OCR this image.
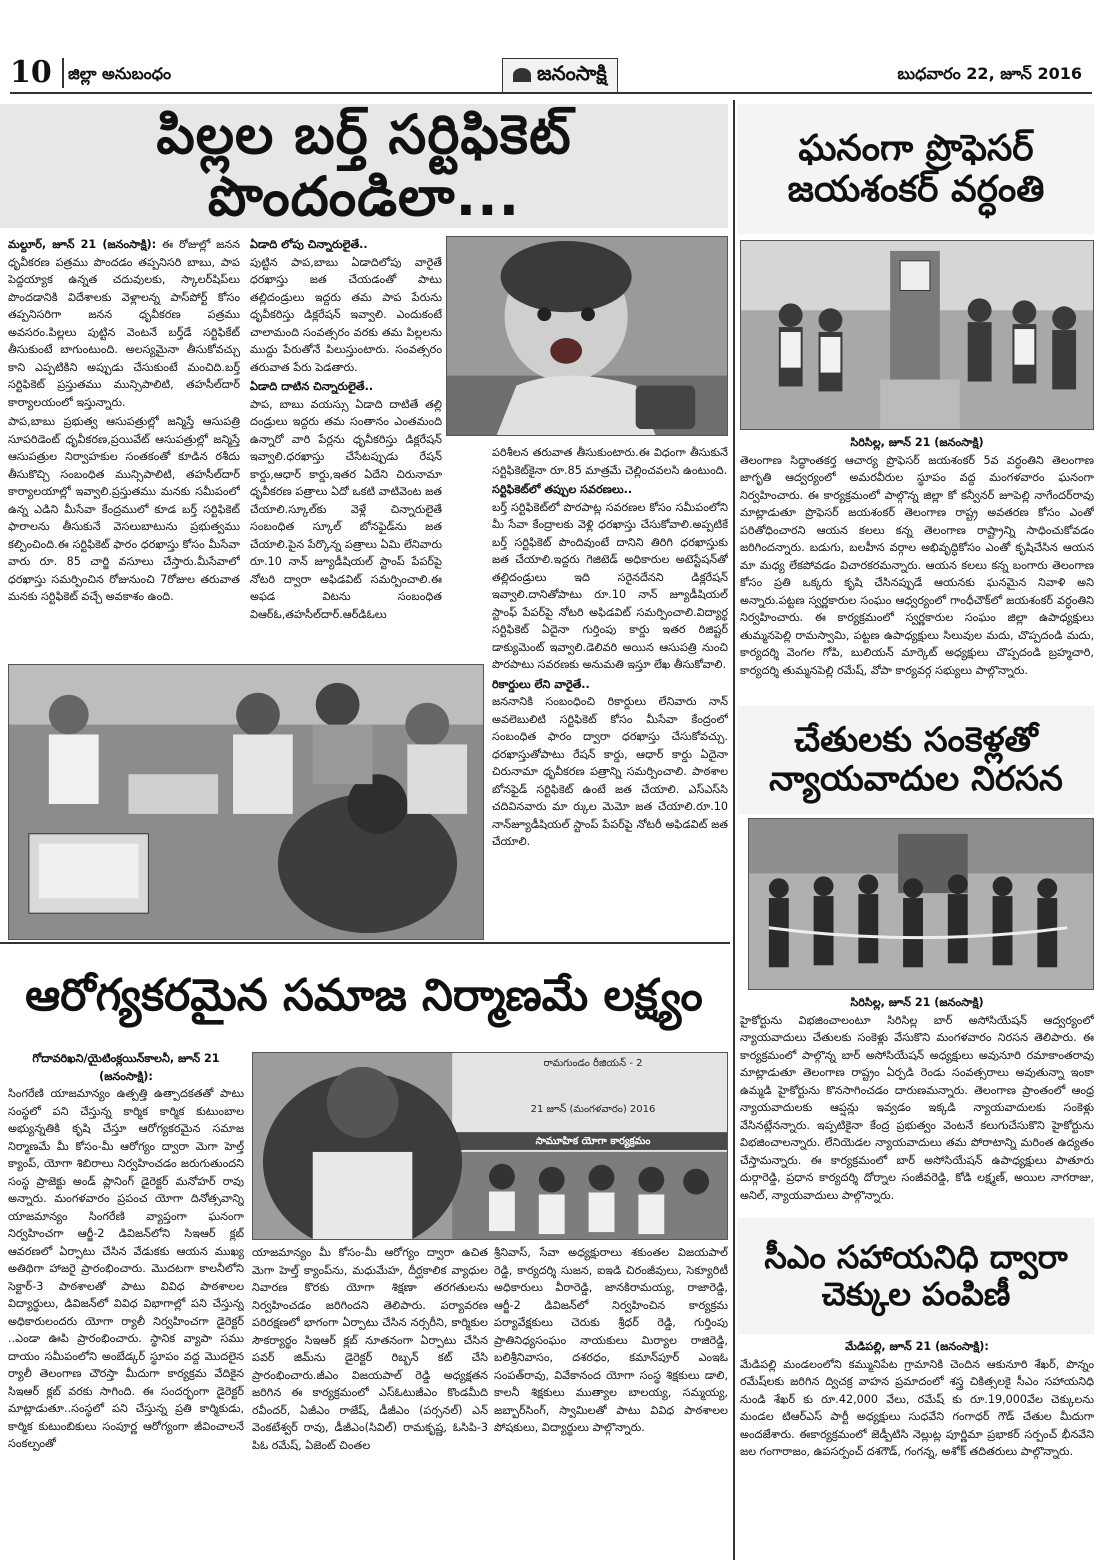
10	జిల్లా అనుబంధం	జనంసాక్షి	బుధవారం 22, జూన్ 2016
పిల్లల బర్త్ సర్టిఫికెట్ పొందండిలా...

మల్దూర్, జూన్ 21 (జనంసాక్షి): ఈ రోజుల్లో జనన ధృవీకరణ పత్రము పొందడం తప్పనిసరి బాబు, పాప పెద్దయ్యాక ఉన్నత చదువులకు, స్కాలర్‌షిప్‌లు పొందడానికి విదేశాలకు వెళ్లాలన్న పాస్‌పోర్ట్ కోసం తప్పనిసరిగా జనన ధృవీకరణ పత్రము అవసరం.పిల్లలు పుట్టిన వెంటనే బర్త్‌డే సర్టిఫికేట్ తీసుకుంటే బాగుంటుంది. అలస్యమైనా తీసుకోవచ్చు కాని ఎప్పటికిని అప్పుడు చేసుకుంటే మంచిది.బర్త్ సర్టిఫికెట్ ప్రస్తుతము మున్సిపాలిటి, తహసీల్‌దార్ కార్యాలయంలో ఇస్తున్నారు.

పాప,బాబు ప్రభుత్వ ఆసుపత్రుల్లో జన్మిస్తే ఆసుపత్రి సూపరిడెంట్ ధృవీకరణ,ప్రయివేట్ ఆసుపత్రుల్లో జన్మిస్తే ఆసుపత్రుల నిర్వాహకుల సంతకంతో కూడిన రశీదు తీసుకొచ్చి సంబంధిత మున్సిపాలిటి, తహసీల్‌దార్ కార్యాలయాల్లో ఇవ్వాలి.ప్రస్తుతము మనకు సమీపంలో ఉన్న ఎడిని మీసేవా కేంద్రములో కూడ బర్త్ సర్టిఫికెట్ ఫారాలను తీసుకునే వెసలుబాటును ప్రభుత్వము కల్పించింది.ఈ సర్టిఫికెట్ ఫారం ధరఖాస్తు కోసం మీసేవా వారు రూ. 85 చార్జి వసూలు చేస్తారు.మీసేవాలో ధరఖాస్తు సమర్పించిన రోజునుంచి 7రోజుల తరువాత మనకు సర్టిఫికెట్ వచ్చే అవకాశం ఉంది.

ఏడాది లోపు చిన్నారులైతే..
పుట్టిన పాప,బాబు ఏడాదిలోపు వారైతే ధరఖాస్తు జత చేయడంతో పాటు తల్లిదండ్రులు ఇద్దరు తమ పాప పేరును ధృవీకరిస్తు డిక్లరేషన్ ఇవ్వాలి. ఎందుకంటే చాలామంది సంవత్సరం వరకు తమ పిల్లలను ముద్దు పేరుతోనే పిలుస్తుంటారు. సంవత్సరం తరువాత పేరు పెడతారు.

ఏడాది దాటిన చిన్నారులైతే..
పాప, బాబు వయస్సు ఏడాది దాటితే తల్లి దండ్రులు ఇద్దరు తమ సంతానం ఎంతమంది ఉన్నారో వారి పేర్లను ధృవీకరిస్తు డిక్లరేషన్ ఇవ్వాలి.ధరఖాస్తు చేసేటప్పుడు రేషన్ కార్డు,ఆధార్ కార్డు,ఇతర ఏదేని చిరునామా ధృవీకరణ పత్రాలు ఏదో ఒకటి వాటివెంట జత చేయాలి.స్కూల్‌కు వెళ్లే చిన్నారులైతే సంబంధిత స్కూల్ బోనఫైడ్‌ను జత చేయాలి.పైన పేర్కొన్న పత్రాలు ఏమి లేనివారు రూ.10 నాన్ జ్యూడీషియల్ స్టాంప్ పేపర్‌పై నోటరి ద్వారా అఫిడవిట్ సమర్పించాలి.ఈ అఫడ విటను సంబంధిత విఆర్ఓ,తహసీల్‌దార్.ఆర్‌డిఓలు

పరిశీలన తరువాత తీసుకుంటారు.ఈ విధంగా తీసుకునే సర్టిఫికెట్‌కైనా రూ.85 మాత్రమే చెల్లించవలసి ఉంటుంది.

సర్టిఫికెట్‌లో తప్పుల సవరణలు..
బర్త్ సర్టిఫికెట్‌లో పొరపాట్ల సవరణల కోసం సమీపంలోని మీ సేవా కేంద్రాలకు వెళ్లి ధరఖాస్తు చేసుకోవాలి.అప్పటికే బర్త్ సర్టిఫికెట్ పొందివుంటే దానిని తిరిగి ధరఖాస్తుకు జత చేయాలి.ఇద్దరు గెజిటెడ్ అధికారుల అటెస్టేషన్‌తో తల్లిదండ్రులు ఇది సరైనదేనని డిక్లరేషన్ ఇవ్వాలి.దానితోపాటు రూ.10 నాన్ జ్యూడీషియల్ స్టాంఫ్ పేపర్‌పై నోటరి అఫిడవిట్ సమర్పించాలి.విద్యార్థ సర్టిఫికెట్ ఏదైనా గుర్తింపు కార్డు ఇతర రిజిష్టర్ డాక్యుమెంట్ ఇవ్వాలి.డెలివరి అయిన ఆసుపత్రి నుంచి పొరపాటు సవరణకు అనుమతి ఇస్తూ లేఖ తీసుకోవాలి.

రికార్డులు లేని వారైతే..
జననానికి సంబంధించి రికార్డులు లేనివారు నాన్ అవలెబులిటి సర్టిఫికెట్ కోసం మీసేవా కేంద్రంలో సంబంధిత ఫారం ద్వారా ధరఖాస్తు చేసుకోవచ్చు. ధరఖాస్తుతోపాటు రేషన్ కార్డు, ఆధార్ కార్డు ఏదైనా చిరునామా ధృవీకరణ పత్రాన్ని సమర్పించాలి. పాఠశాల బోనఫైడ్ సర్టిఫికెట్ ఉంటే జత చేయాలి. ఎస్ఎస్‌సి చదివినవారు మా ర్కుల మెమో జత చేయాలి.రూ.10 నాన్‌జ్యూడీషియల్ స్టాంప్ పేపర్‌పై నోటరీ అఫిడవిట్ జత చేయాలి.

ఘనంగా ప్రొఫెసర్ జయశంకర్ వర్ధంతి

సిరిసిల్ల, జూన్ 21 (జనంసాక్షి)
తెలంగాణ సిద్ధాంతకర్త ఆచార్య ప్రొఫెసర్ జయశంకర్ 5వ వర్ధంతిని తెలంగాణ జాగృతి ఆద్వర్యంలో అమరవీరుల స్థూపం వద్ద మంగళవారం ఘనంగా నిర్వహించారు. ఈ కార్యక్రమంలో పాల్గొన్న జిల్లా కో కన్వీనర్ జూపెల్లి నాగేందర్‌రావు మాట్లాడుతూ ప్రొఫెసర్ జయశంకర్ తెలంగాణ రాష్ట్ర అవతరణ కోసం ఎంతో పరితోధించారని ఆయన కలలు కన్న తెలంగాణ రాష్ట్రాన్ని సాధించుకోవడం జరిగిందన్నారు. బడుగు, బలహీన వర్గాల అభివృద్ధికోసం ఎంతో కృషిచేసిన ఆయన మా మధ్య లేకపోవడం విచారకరమన్నారు. ఆయన కలలు కన్న బంగారు తెలంగాణ కోసం ప్రతి ఒక్కరు కృషి చేసినప్పుడే ఆయనకు ఘనమైన నివాళి అని అన్నారు.పట్టణ స్వర్ణకారుల సంఘం ఆధ్వర్యంలో గాంధీచౌక్‌లో జయశంకర్ వర్ధంతిని నిర్వహించారు. ఈ కార్యక్రమంలో స్వర్ణకారుల సంఘం జిల్లా ఉపాధ్యక్షులు తుమ్మనపెల్లి రామస్వామి, పట్టణ ఉపాధ్యక్షులు సిలువుల మదు, చొప్పదండి మదు, కార్యదర్శి వెంగల గోపి, బులియన్ మార్కెట్ అధ్యక్షులు చొప్పదండి బ్రహ్మచారి, కార్యదర్శి తుమ్మనపెల్లి రమేష్, వోపా కార్యవర్గ సభ్యులు పాల్గొన్నారు.

చేతులకు సంకెళ్లతో న్యాయవాదుల నిరసన

సిరిసిల్ల, జూన్ 21 (జనంసాక్షి)
హైకోర్టును విభజించాలంటూ సిరిసిల్ల బార్ అసోసియేషన్ ఆద్వర్యంలో న్యాయవాదులు చేతులకు సంకెళ్లు వేసుకొని మంగళవారం నిరసన తెలిపారు. ఈ కార్యక్రమంలో పాల్గొన్న బార్ అసోసియేషన్ అధ్యక్షులు అవునూరి రమాకాంతరావు మాట్లాడుతూ తెలంగాణ రాష్ట్రం ఏర్పడి రెండు సంవత్సరాలు అవుతున్నా ఇంకా ఉమ్మడి హైకోర్టును కొనసాగించడం దారుణమన్నారు. తెలంగాణ ప్రాంతంలో ఆంధ్ర న్యాయవాదులకు ఆప్షన్లు ఇవ్వడం ఇక్కడి న్యాయవాదులకు సంకెళ్లు వేసినట్లేనన్నారు. ఇప్పటికైనా కేంద్ర ప్రభుత్వం వెంటనే కలుగుచేసుకొని హైకోర్టును విభజించాలన్నారు. లేనియెడల న్యాయవాదులు తమ పోరాటాన్ని మరింత ఉద్యతం చేస్తామన్నారు. ఈ కార్యక్రమంలో బార్ అసోసియేషన్ ఉపాధ్యక్షులు పాతూరు దుర్గారెడ్డి, ప్రధాన కార్యదర్శి దోర్నాల సంజీవరెడ్డి, కోడి లక్ష్మణ్, అయిల నాగరాజు, అనిల్, న్యాయవాదులు పాల్గొన్నారు.

సీఎం సహాయనిధి ద్వారా చెక్కుల పంపిణీ

మేడిపల్లి, జూన్ 21 (జనంసాక్షి):
మేడిపల్లి మండలంలోని కమ్మునిపేట గ్రామానికి చెందిన ఆకునూరి శేఖర్, పొన్నం రమేష్‌లకు జరిగిన ద్విచక్ర వాహన ప్రమాదంలో శస్త్ర చికిత్సలకై సీఎం సహాయనిధి నుండి శేఖర్ కు రూ.42,000 వేలు, రమేష్ కు రూ.19,000వేల చెక్కులను మండల టిఆర్‌ఎస్ పార్టీ అధ్యక్షులు సుధవేని గంగాధర్ గౌడ్ చేతుల మీదుగా అందజేశారు. ఈకార్యక్రమంలో జెడ్పీటిసి నెల్లుట్ల పూర్ణిమా ప్రభాకర్ సర్పంచ్ భీనవేని జల గంగారాజం, ఉపసర్పంచ్ దశగౌడ్, గంగన్న, అశోక్ తదితరులు పాల్గొన్నారు.

ఆరోగ్యకరమైన సమాజ నిర్మాణమే లక్ష్యం

గోదావరిఖని/యైటింక్లయిన్‌కాలనీ, జూన్ 21 (జనంసాక్షి):
సింగరేణి యాజమాన్యం ఉత్పత్తి ఉత్పాదకతతో పాటు సంస్థలో పని చేస్తున్న కార్మిక కార్మిక కుటుంబాల అభ్యున్నతికి కృషి చేస్తూ ఆరోగ్యకరమైన సమాజ నిర్మాణమే మీ కోసం-మీ ఆరోగ్యం ద్వారా మెగా హెల్త్ క్యాంప్, యోగా శిబిరాలు నిర్వహించడం జరుగుతుందని సంస్థ ప్రాజెక్టు అండ్ ప్లానింగ్ డైరెక్టర్ మనోహర్ రావు అన్నారు. మంగళవారం ప్రపంచ యోగా దినోత్సవాన్ని యాజమాన్యం సింగరేణి వ్యాప్తంగా ఘనంగా నిర్వహించగా ఆర్జీ-2 డివిజన్‌లోని సిఇఆర్ క్లబ్ ఆవరణలో ఏర్పాటు చేసిన వేడుకకు ఆయన ముఖ్య అతిథిగా హాజరై ప్రారంభించారు. మొదటగా కాలనీలోని సెక్టార్-3 పాఠశాలతో పాటు వివిధ పాఠశాలల విద్యార్థులు, డివిజన్‌లో వివిధ విభాగాల్లో పని చేస్తున్న అధికారులందరు యోగా ర్యాలీ నిర్వహించగా డైరెక్టర్ ..ఎండా ఊపి ప్రారంభించారు. స్థానిక వ్యాపా సము దాయం సమీపంలోని అంబేడ్కర్ స్థూపం వద్ద మొదలైన ర్యాలీ తెలంగాణ చౌరస్తా మీదుగా కార్యక్రమ వేదికైన సిఇఆర్ క్లబ్ వరకు సాగింది. ఈ సందర్భంగా డైరెక్టర్ మాట్లాడుతూ..సంస్థలో పని చేస్తున్న ప్రతి కార్మికుడు, కార్మిక కుటుంబికులు సంపూర్ణ ఆరోగ్యంగా జీవించాలనే సంకల్పంతో

రామగుండం రీజియన్ - 2
21 జూన్ (మంగళవారం) 2016
సామూహిక యోగా కార్యక్రమం

యాజమాన్యం మీ కోసం-మీ ఆరోగ్యం ద్వారా ఉచిత మెగా హెల్త్ క్యాంప్‌ను, మధుమేహ, దీర్ఘకాలిక వ్యాధుల నివారణ కొరకు యోగా శిక్షణా తరగతులను నిర్వహించడం జరిగిందని తెలిపారు. పర్యావరణ పరిరక్షణలో భాగంగా ఏర్పాటు చేసిన నర్సరీని, కార్మికుల సౌకర్యార్థం సిఇఆర్ క్లబ్ నూతనంగా ఏర్పాటు చేసిన పవర్ జిమ్‌ను డైరెక్టర్ రిబ్బన్ కట్ చేసి ప్రారంభించారు.జీఎం విజయపాల్ రెడ్డి అధ్యక్షతన జరిగిన ఈ కార్యక్రమంలో ఎస్‌ఓటుజీఎం కొండమీది రవీందర్, ఏజీఎం రాజేష్, డీజీఎం (పర్సనల్) ఎన్ వెంకటేశ్వర్ రావు, డీజీఎం(సివిల్) రామకృష్ణ, ఓసిపి-3 పిఓ రమేష్, ఏజెంట్ చింతల

శ్రీనివాస్, సేవా అధ్యక్షురాలు శకుంతల విజయపాల్ రెడ్డి, కార్యదర్శి సుజన, ఐఇడి చిరంజీవులు, సెక్యూరిటీ అధికారులు వీరారెడ్డి, జానకిరామయ్య, రాజారెడ్డి, ఆర్జీ-2 డివిజన్‌లో నిర్వహించిన కార్యక్రమ పర్యావేక్షకులు చెరుకు శ్రీధర్ రెడ్డి, గుర్తింపు ప్రాతినిధ్యసంఘం నాయకులు మిర్యాల రాజిరెడ్డి, బలిశ్రీనివాసం, దశరధం, కమాన్‌పూర్ ఎంఇఓ సంపత్‌రావు, వివేకానంద యోగా సంస్థ శిక్షకులు డాలి, కాలనీ శిక్షకులు ముత్యాల బాలయ్య, సమ్మయ్య, జబ్బార్‌సింగ్, స్వామిలతో పాటు వివిధ పాఠశాలల పోషకులు, విద్యార్థులు పాల్గొన్నారు.
